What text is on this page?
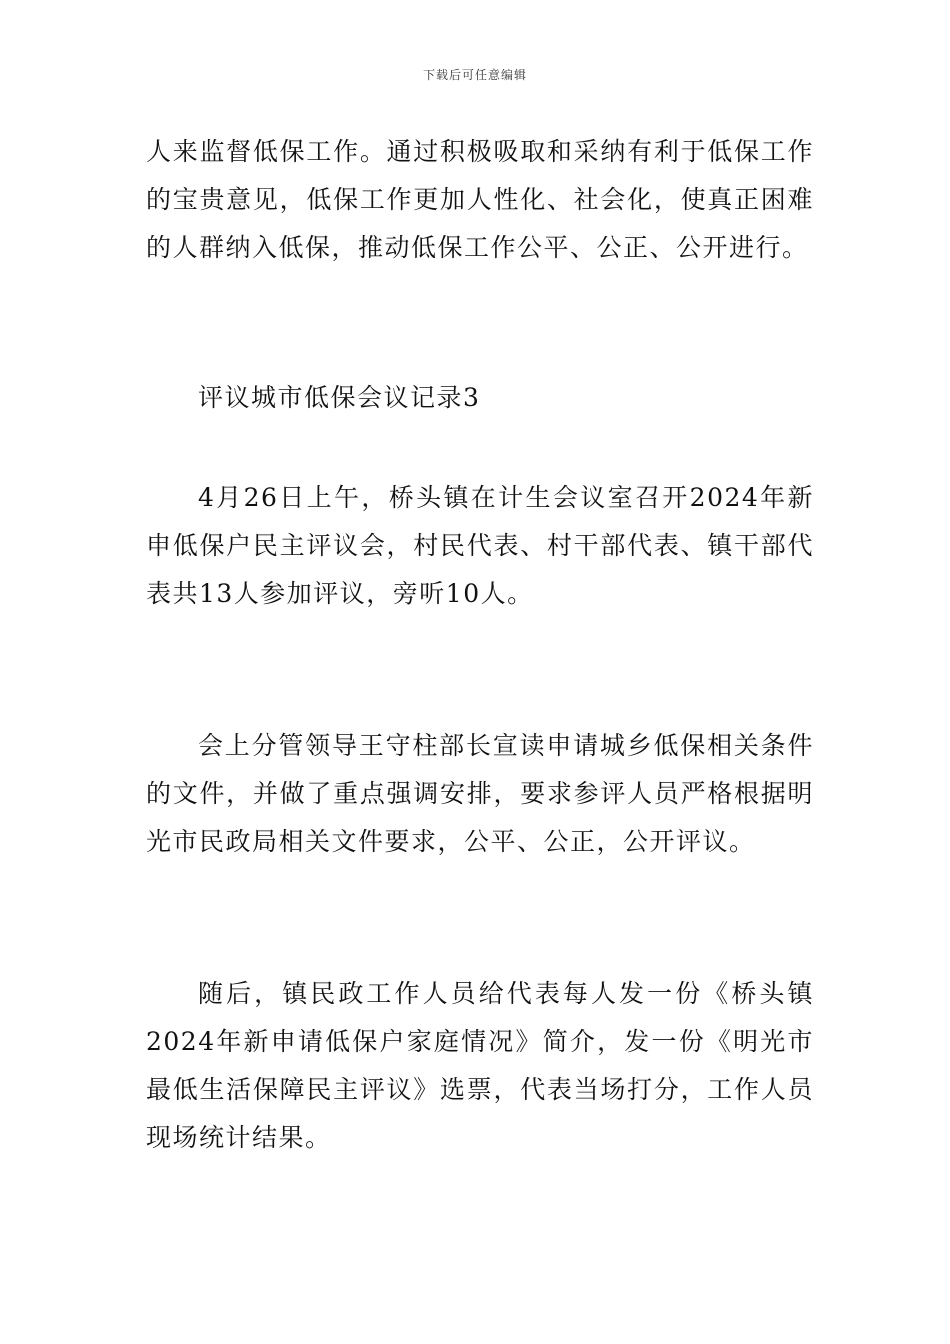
下载后可任意编辑

人来监督低保工作。通过积极吸取和采纳有利于低保工作的宝贵意见，低保工作更加人性化、社会化，使真正困难的人群纳入低保，推动低保工作公平、公正、公开进行。

评议城市低保会议记录3

4月26日上午，桥头镇在计生会议室召开2024年新申低保户民主评议会，村民代表、村干部代表、镇干部代表共13人参加评议，旁听10人。

会上分管领导王守柱部长宣读申请城乡低保相关条件的文件，并做了重点强调安排，要求参评人员严格根据明光市民政局相关文件要求，公平、公正，公开评议。

随后，镇民政工作人员给代表每人发一份《桥头镇2024年新申请低保户家庭情况》简介，发一份《明光市最低生活保障民主评议》选票，代表当场打分，工作人员现场统计结果。
